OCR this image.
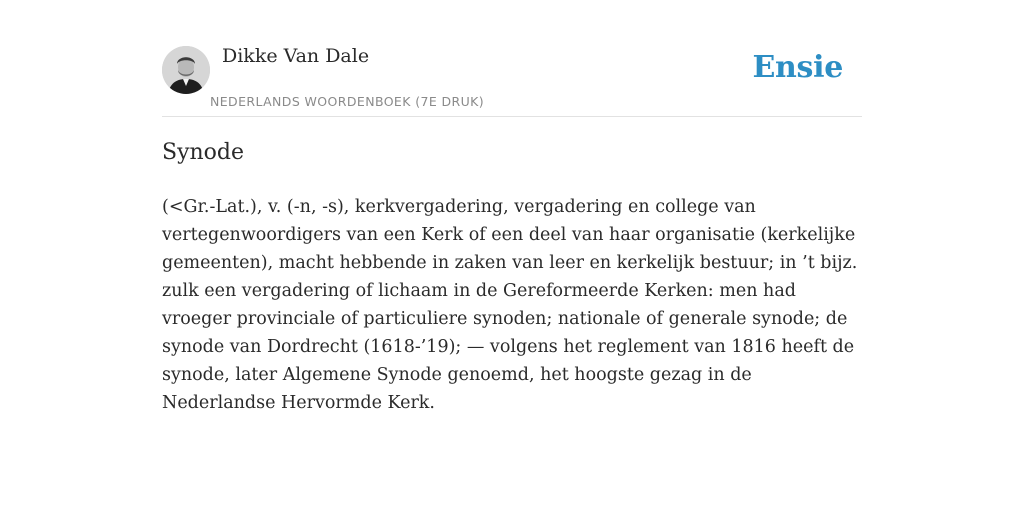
Dikke Van Dale
NEDERLANDS WOORDENBOEK (7E DRUK)
Ensie
Synode

(<Gr.-Lat.), v. (-n, -s), kerkvergadering, vergadering en college van vertegenwoordigers van een Kerk of een deel van haar organisatie (kerkelijke gemeenten), macht hebbende in zaken van leer en kerkelijk bestuur; in ’t bijz. zulk een vergadering of lichaam in de Gereformeerde Kerken: men had vroeger provinciale of particuliere synoden; nationale of generale synode; de synode van Dordrecht (1618-’19); — volgens het reglement van 1816 heeft de synode, later Algemene Synode genoemd, het hoogste gezag in de Nederlandse Hervormde Kerk.
